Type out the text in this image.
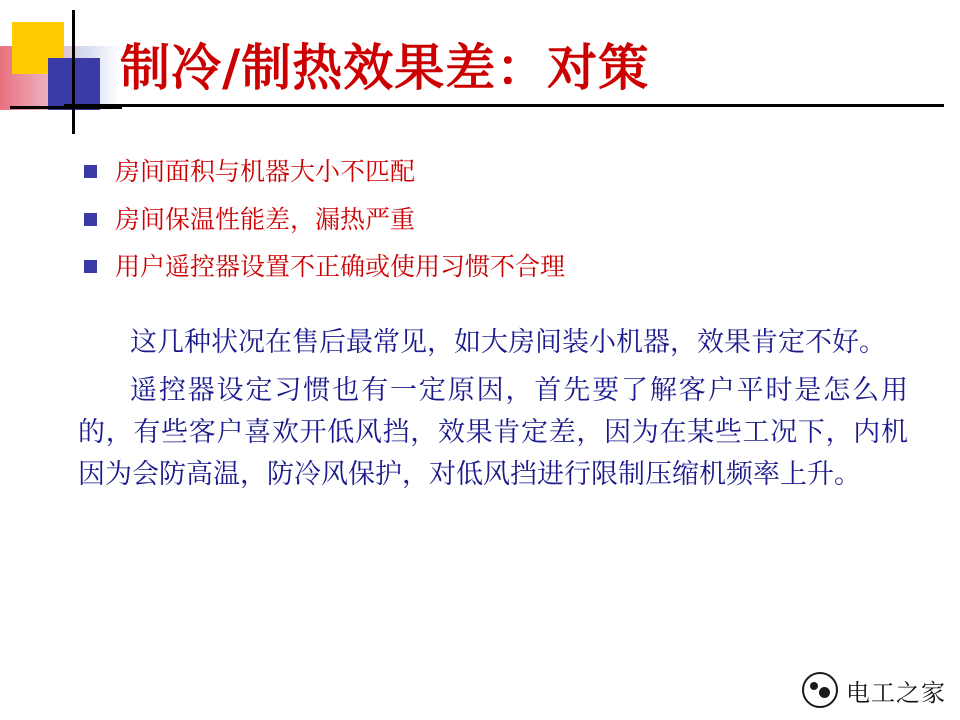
制冷/制热效果差：对策
房间面积与机器大小不匹配
房间保温性能差，漏热严重
用户遥控器设置不正确或使用习惯不合理

这几种状况在售后最常见，如大房间装小机器，效果肯定不好。

遥控器设定习惯也有一定原因，首先要了解客户平时是怎么用的，有些客户喜欢开低风挡，效果肯定差，因为在某些工况下，内机因为会防高温，防冷风保护，对低风挡进行限制压缩机频率上升。

电工之家
